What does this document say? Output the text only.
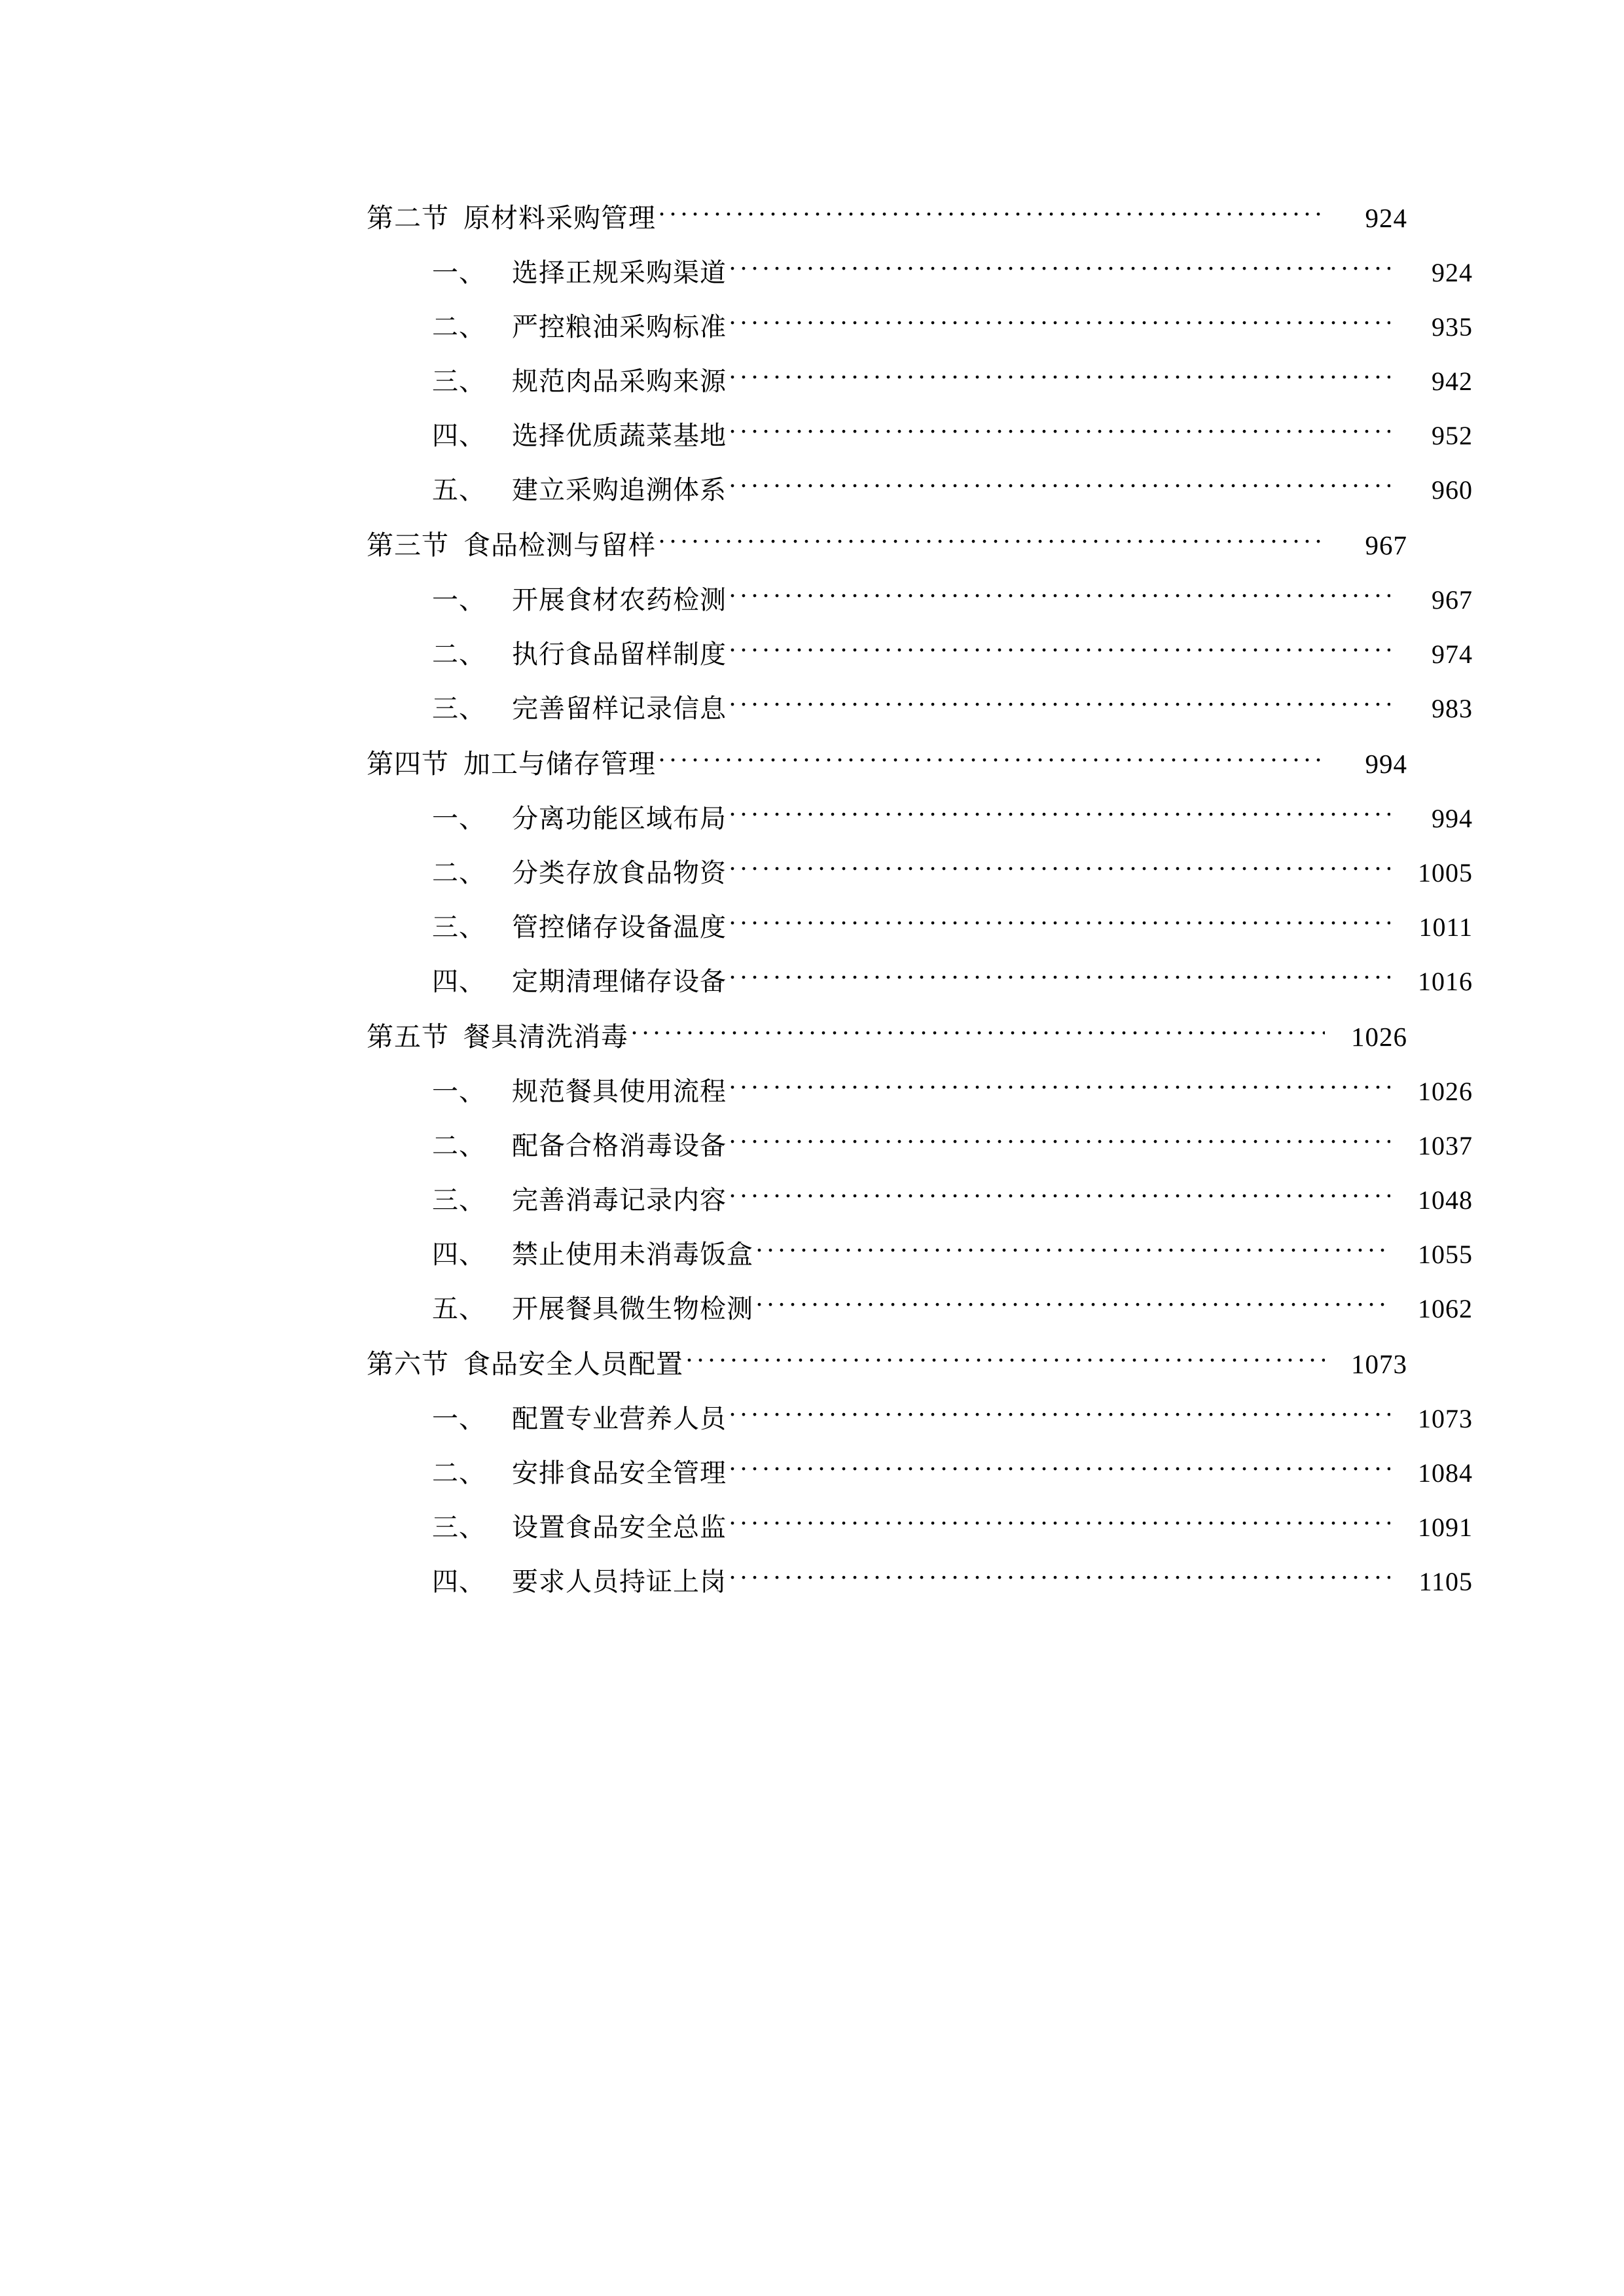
第二节 原材料采购管理 .....	924
一、	选择正规采购渠道 .....	924
二、	严控粮油采购标准 .....	935
三、	规范肉品采购来源 .....	942
四、	选择优质蔬菜基地 .....	952
五、	建立采购追溯体系 .....	960
第三节 食品检测与留样 .....	967
一、	开展食材农药检测 .....	967
二、	执行食品留样制度 .....	974
三、	完善留样记录信息 .....	983
第四节 加工与储存管理 .....	994
一、	分离功能区域布局 .....	994
二、	分类存放食品物资 .....	1005
三、	管控储存设备温度 .....	1011
四、	定期清理储存设备 .....	1016
第五节 餐具清洗消毒 .....	1026
一、	规范餐具使用流程 .....	1026
二、	配备合格消毒设备 .....	1037
三、	完善消毒记录内容 .....	1048
四、	禁止使用未消毒饭盒 .....	1055
五、	开展餐具微生物检测 .....	1062
第六节 食品安全人员配置 .....	1073
一、	配置专业营养人员 .....	1073
二、	安排食品安全管理 .....	1084
三、	设置食品安全总监 .....	1091
四、	要求人员持证上岗 .....	1105
